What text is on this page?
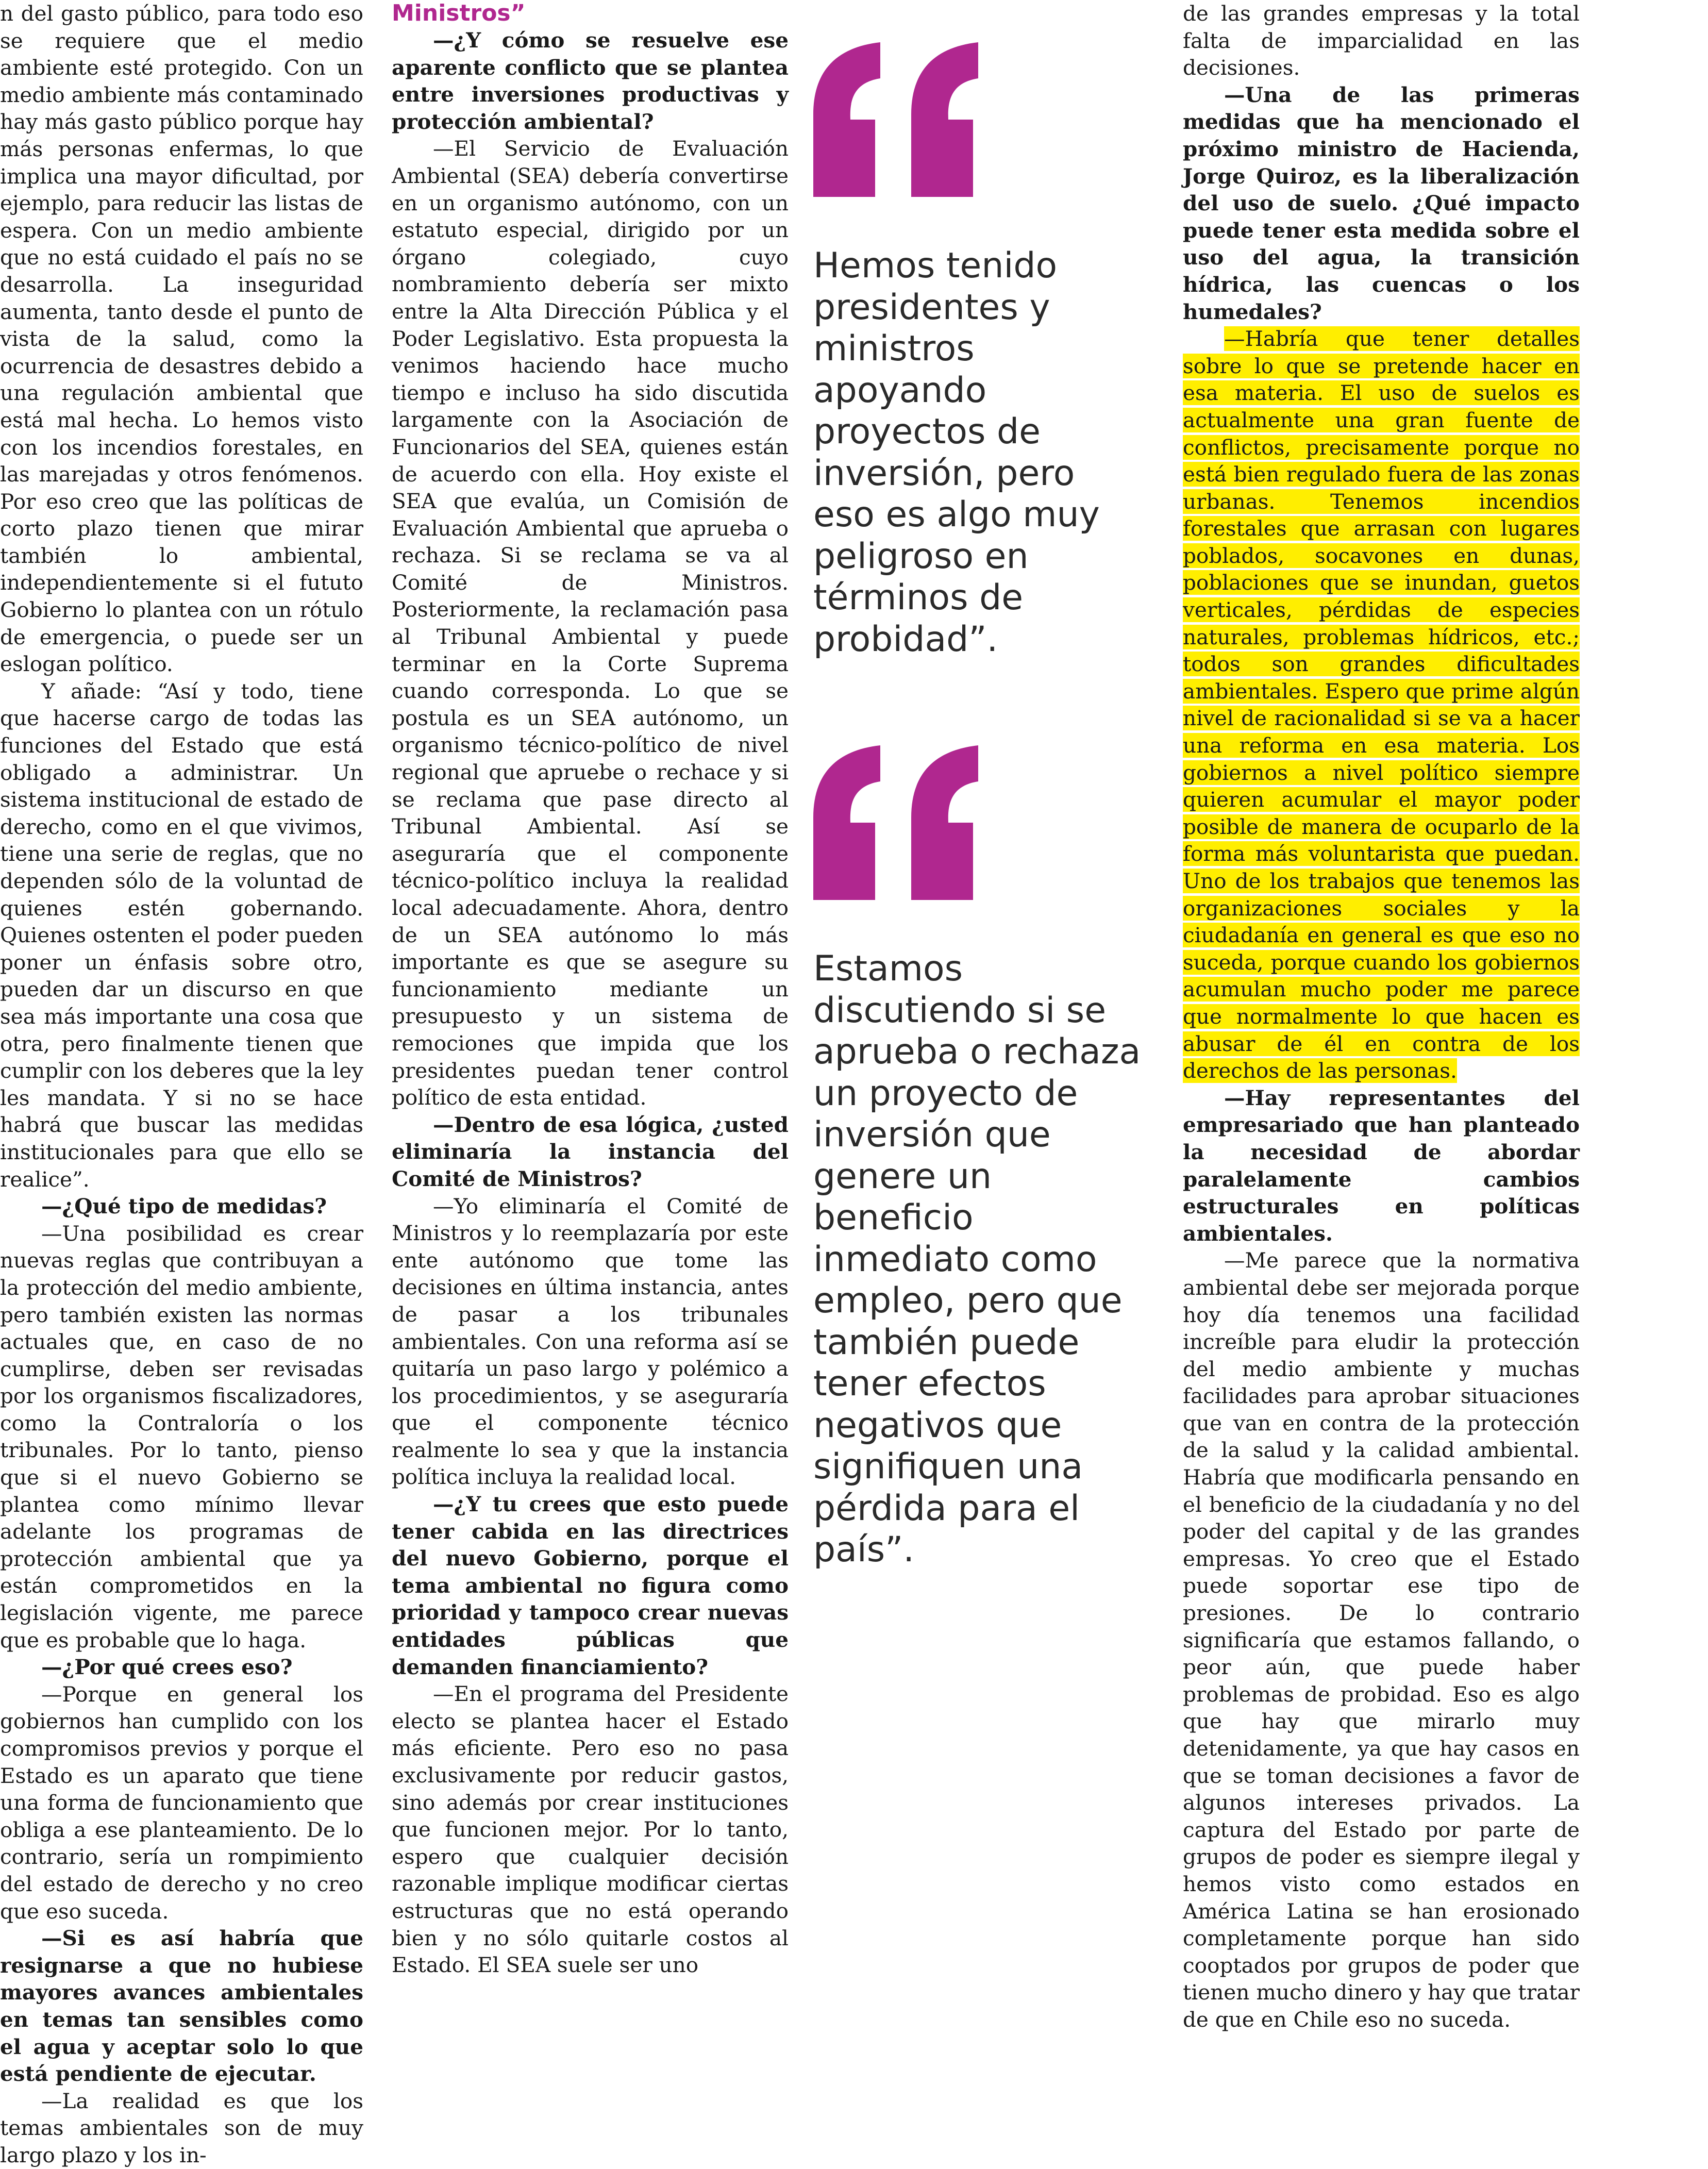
n del gasto público, para todo eso se requiere que el medio ambiente esté protegido. Con un medio ambiente más contaminado hay más gasto público porque hay más personas enfermas, lo que implica una mayor dificultad, por ejemplo, para reducir las listas de espera. Con un medio ambiente que no está cuidado el país no se desarrolla. La inseguridad aumenta, tanto desde el punto de vista de la salud, como la ocurrencia de desastres debido a una regulación ambiental que está mal hecha. Lo hemos visto con los incendios forestales, en las marejadas y otros fenómenos. Por eso creo que las políticas de corto plazo tienen que mirar también lo ambiental, independientemente si el fututo Gobierno lo plantea con un rótulo de emergencia, o puede ser un eslogan político.

Y añade: “Así y todo, tiene que hacerse cargo de todas las funciones del Estado que está obligado a administrar. Un sistema institucional de estado de derecho, como en el que vivimos, tiene una serie de reglas, que no dependen sólo de la voluntad de quienes estén gobernando. Quienes ostenten el poder pueden poner un énfasis sobre otro, pueden dar un discurso en que sea más importante una cosa que otra, pero finalmente tienen que cumplir con los deberes que la ley les mandata. Y si no se hace habrá que buscar las medidas institucionales para que ello se realice”.

—¿Qué tipo de medidas?

—Una posibilidad es crear nuevas reglas que contribuyan a la protección del medio ambiente, pero también existen las normas actuales que, en caso de no cumplirse, deben ser revisadas por los organismos fiscalizadores, como la Contraloría o los tribunales. Por lo tanto, pienso que si el nuevo Gobierno se plantea como mínimo llevar adelante los programas de protección ambiental que ya están comprometidos en la legislación vigente, me parece que es probable que lo haga.

—¿Por qué crees eso?

—Porque en general los gobiernos han cumplido con los compromisos previos y porque el Estado es un aparato que tiene una forma de funcionamiento que obliga a ese planteamiento. De lo contrario, sería un rompimiento del estado de derecho y no creo que eso suceda.

—Si es así habría que resignarse a que no hubiese mayores avances ambientales en temas tan sensibles como el agua y aceptar solo lo que está pendiente de ejecutar.

—La realidad es que los temas ambientales son de muy largo plazo y los in-

Ministros”

—¿Y cómo se resuelve ese aparente conflicto que se plantea entre inversiones productivas y protección ambiental?

—El Servicio de Evaluación Ambiental (SEA) debería convertirse en un organismo autónomo, con un estatuto especial, dirigido por un órgano colegiado, cuyo nombramiento debería ser mixto entre la Alta Dirección Pública y el Poder Legislativo. Esta propuesta la venimos haciendo hace mucho tiempo e incluso ha sido discutida largamente con la Asociación de Funcionarios del SEA, quienes están de acuerdo con ella. Hoy existe el SEA que evalúa, un Comisión de Evaluación Ambiental que aprueba o rechaza. Si se reclama se va al Comité de Ministros. Posteriormente, la reclamación pasa al Tribunal Ambiental y puede terminar en la Corte Suprema cuando corresponda. Lo que se postula es un SEA autónomo, un organismo técnico-político de nivel regional que apruebe o rechace y si se reclama que pase directo al Tribunal Ambiental. Así se aseguraría que el componente técnico-político incluya la realidad local adecuadamente. Ahora, dentro de un SEA autónomo lo más importante es que se asegure su funcionamiento mediante un presupuesto y un sistema de remociones que impida que los presidentes puedan tener control político de esta entidad.

—Dentro de esa lógica, ¿usted eliminaría la instancia del Comité de Ministros?

—Yo eliminaría el Comité de Ministros y lo reemplazaría por este ente autónomo que tome las decisiones en última instancia, antes de pasar a los tribunales ambientales. Con una reforma así se quitaría un paso largo y polémico a los procedimientos, y se aseguraría que el componente técnico realmente lo sea y que la instancia política incluya la realidad local.

—¿Y tu crees que esto puede tener cabida en las directrices del nuevo Gobierno, porque el tema ambiental no figura como prioridad y tampoco crear nuevas entidades públicas que demanden financiamiento?

—En el programa del Presidente electo se plantea hacer el Estado más eficiente. Pero eso no pasa exclusivamente por reducir gastos, sino además por crear instituciones que funcionen mejor. Por lo tanto, espero que cualquier decisión razonable implique modificar ciertas estructuras que no está operando bien y no sólo quitarle costos al Estado. El SEA suele ser uno

Hemos tenido presidentes y ministros apoyando proyectos de inversión, pero eso es algo muy peligroso en términos de probidad”.
Estamos discutiendo si se aprueba o rechaza un proyecto de inversión que genere un beneficio inmediato como empleo, pero que también puede tener efectos negativos que signifiquen una pérdida para el país”.

de las grandes empresas y la total falta de imparcialidad en las decisiones.

—Una de las primeras medidas que ha mencionado el próximo ministro de Hacienda, Jorge Quiroz, es la liberalización del uso de suelo. ¿Qué impacto puede tener esta medida sobre el uso del agua, la transición hídrica, las cuencas o los humedales?

—Habría que tener detalles sobre lo que se pretende hacer en esa materia. El uso de suelos es actualmente una gran fuente de conflictos, precisamente porque no está bien regulado fuera de las zonas urbanas. Tenemos incendios forestales que arrasan con lugares poblados, socavones en dunas, poblaciones que se inundan, guetos verticales, pérdidas de especies naturales, problemas hídricos, etc.; todos son grandes dificultades ambientales. Espero que prime algún nivel de racionalidad si se va a hacer una reforma en esa materia. Los gobiernos a nivel político siempre quieren acumular el mayor poder posible de manera de ocuparlo de la forma más voluntarista que puedan. Uno de los trabajos que tenemos las organizaciones sociales y la ciudadanía en general es que eso no suceda, porque cuando los gobiernos acumulan mucho poder me parece que normalmente lo que hacen es abusar de él en contra de los derechos de las personas.

—Hay representantes del empresariado que han planteado la necesidad de abordar paralelamente cambios estructurales en políticas ambientales.

—Me parece que la normativa ambiental debe ser mejorada porque hoy día tenemos una facilidad increíble para eludir la protección del medio ambiente y muchas facilidades para aprobar situaciones que van en contra de la protección de la salud y la calidad ambiental. Habría que modificarla pensando en el beneficio de la ciudadanía y no del poder del capital y de las grandes empresas. Yo creo que el Estado puede soportar ese tipo de presiones. De lo contrario significaría que estamos fallando, o peor aún, que puede haber problemas de probidad. Eso es algo que hay que mirarlo muy detenidamente, ya que hay casos en que se toman decisiones a favor de algunos intereses privados. La captura del Estado por parte de grupos de poder es siempre ilegal y hemos visto como estados en América Latina se han erosionado completamente porque han sido cooptados por grupos de poder que tienen mucho dinero y hay que tratar de que en Chile eso no suceda.
